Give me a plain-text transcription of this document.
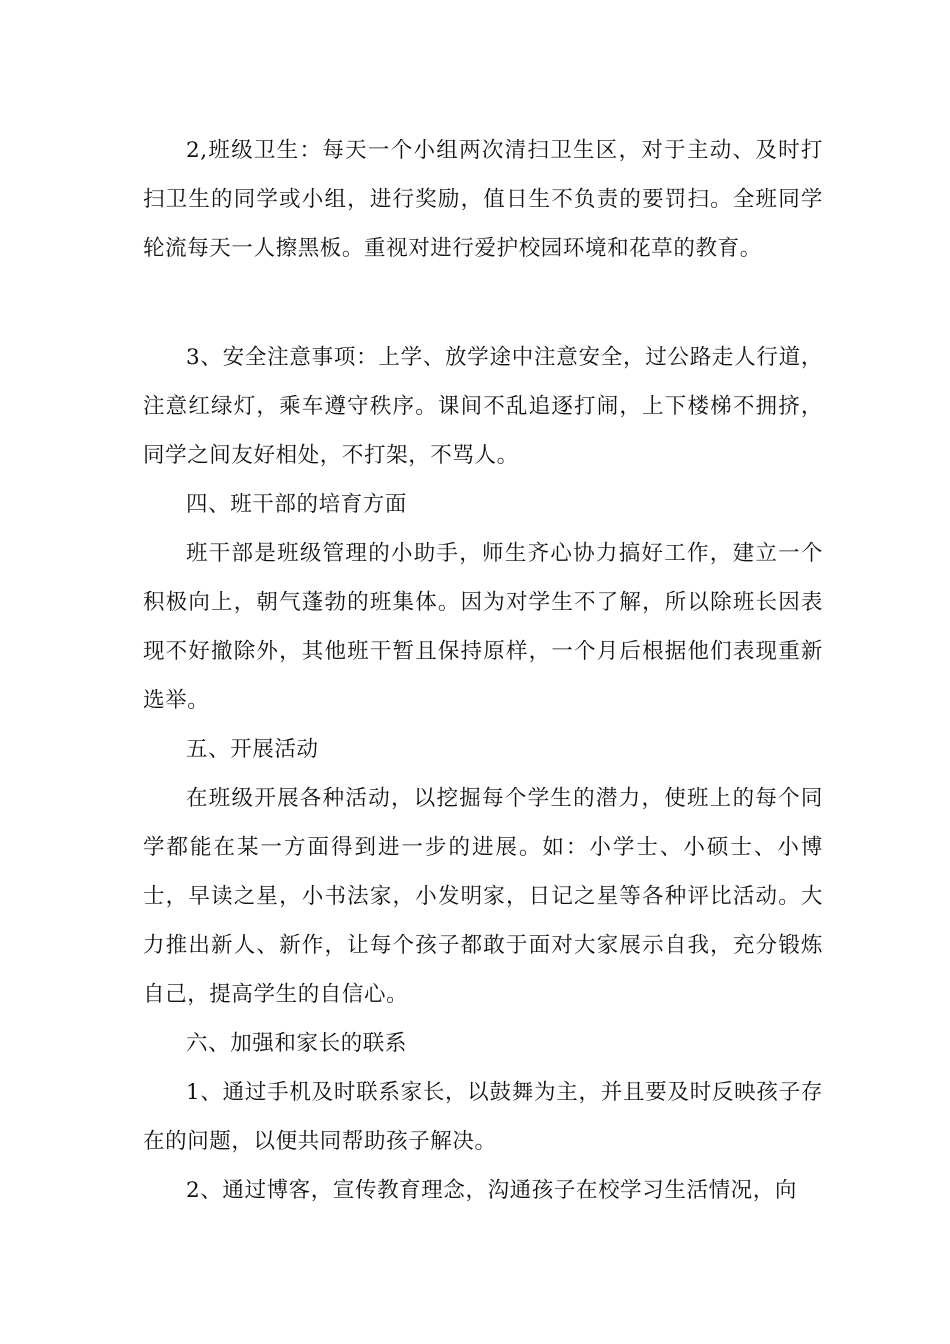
2,班级卫生：每天一个小组两次清扫卫生区，对于主动、及时打扫卫生的同学或小组，进行奖励，值日生不负责的要罚扫。全班同学轮流每天一人擦黑板。重视对进行爱护校园环境和花草的教育。

3、安全注意事项：上学、放学途中注意安全，过公路走人行道，注意红绿灯，乘车遵守秩序。课间不乱追逐打闹，上下楼梯不拥挤，同学之间友好相处，不打架，不骂人。

四、班干部的培育方面

班干部是班级管理的小助手，师生齐心协力搞好工作，建立一个积极向上，朝气蓬勃的班集体。因为对学生不了解，所以除班长因表现不好撤除外，其他班干暂且保持原样，一个月后根据他们表现重新选举。

五、开展活动

在班级开展各种活动，以挖掘每个学生的潜力，使班上的每个同学都能在某一方面得到进一步的进展。如：小学士、小硕士、小博士，早读之星，小书法家，小发明家，日记之星等各种评比活动。大力推出新人、新作，让每个孩子都敢于面对大家展示自我，充分锻炼自己，提高学生的自信心。

六、加强和家长的联系

1、通过手机及时联系家长，以鼓舞为主，并且要及时反映孩子存在的问题，以便共同帮助孩子解决。

2、通过博客，宣传教育理念，沟通孩子在校学习生活情况，向
